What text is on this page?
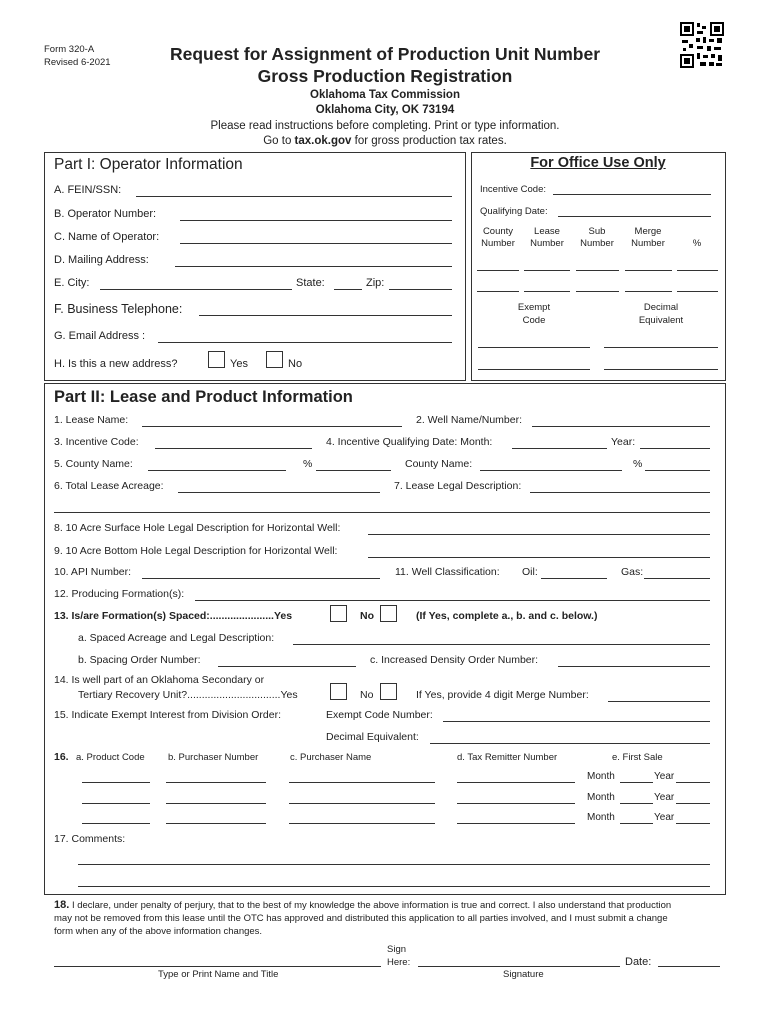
Form 320-A
Revised 6-2021	Request for Assignment of Production Unit Number
Gross Production Registration
Oklahoma Tax Commission
Oklahoma City, OK 73194
Please read instructions before completing. Print or type information.
Go to tax.ok.gov for gross production tax rates.
Part I: Operator Information
A. FEIN/SSN:
B. Operator Number:
C. Name of Operator:
D. Mailing Address:
E. City:	State:	Zip:
F. Business Telephone:
G. Email Address :
H. Is this a new address?	Yes	No
For Office Use Only
Incentive Code:
Qualifying Date:
County
Number
Lease
Number
Sub
Number
Merge
Number	%
Exempt
Code
Decimal
Equivalent
Part II: Lease and Product Information
1. Lease Name:	2. Well Name/Number:
3. Incentive Code:	4. Incentive Qualifying Date: Month:	Year:
5. County Name:	%	County Name:	%
6. Total Lease Acreage:	7. Lease Legal Description:
8. 10 Acre Surface Hole Legal Description for Horizontal Well:
9. 10 Acre Bottom Hole Legal Description for Horizontal Well:
10. API Number:	11. Well Classification: Oil:	Gas:
12. Producing Formation(s):
13. Is/are Formation(s) Spaced:......................Yes	No	(If Yes, complete a., b. and c. below.)
a. Spaced Acreage and Legal Description:
b. Spacing Order Number:	c. Increased Density Order Number:
14. Is well part of an Oklahoma Secondary or
Tertiary Recovery Unit?................................Yes	No	If Yes, provide 4 digit Merge Number:
15. Indicate Exempt Interest from Division Order:	Exempt Code Number:
Decimal Equivalent:
16. a. Product Code b. Purchaser Number	c. Purchaser Name	d. Tax Remitter Number	e. First Sale
Month	Year
Month	Year
Month	Year
17. Comments:
18. I declare, under penalty of perjury, that to the best of my knowledge the above information is true and correct. I also understand that production
may not be removed from this lease until the OTC has approved and distributed this application to all parties involved, and I must submit a change
form when any of the above information changes.
Type or Print Name and Title
Sign
Here:
Signature
Date:
